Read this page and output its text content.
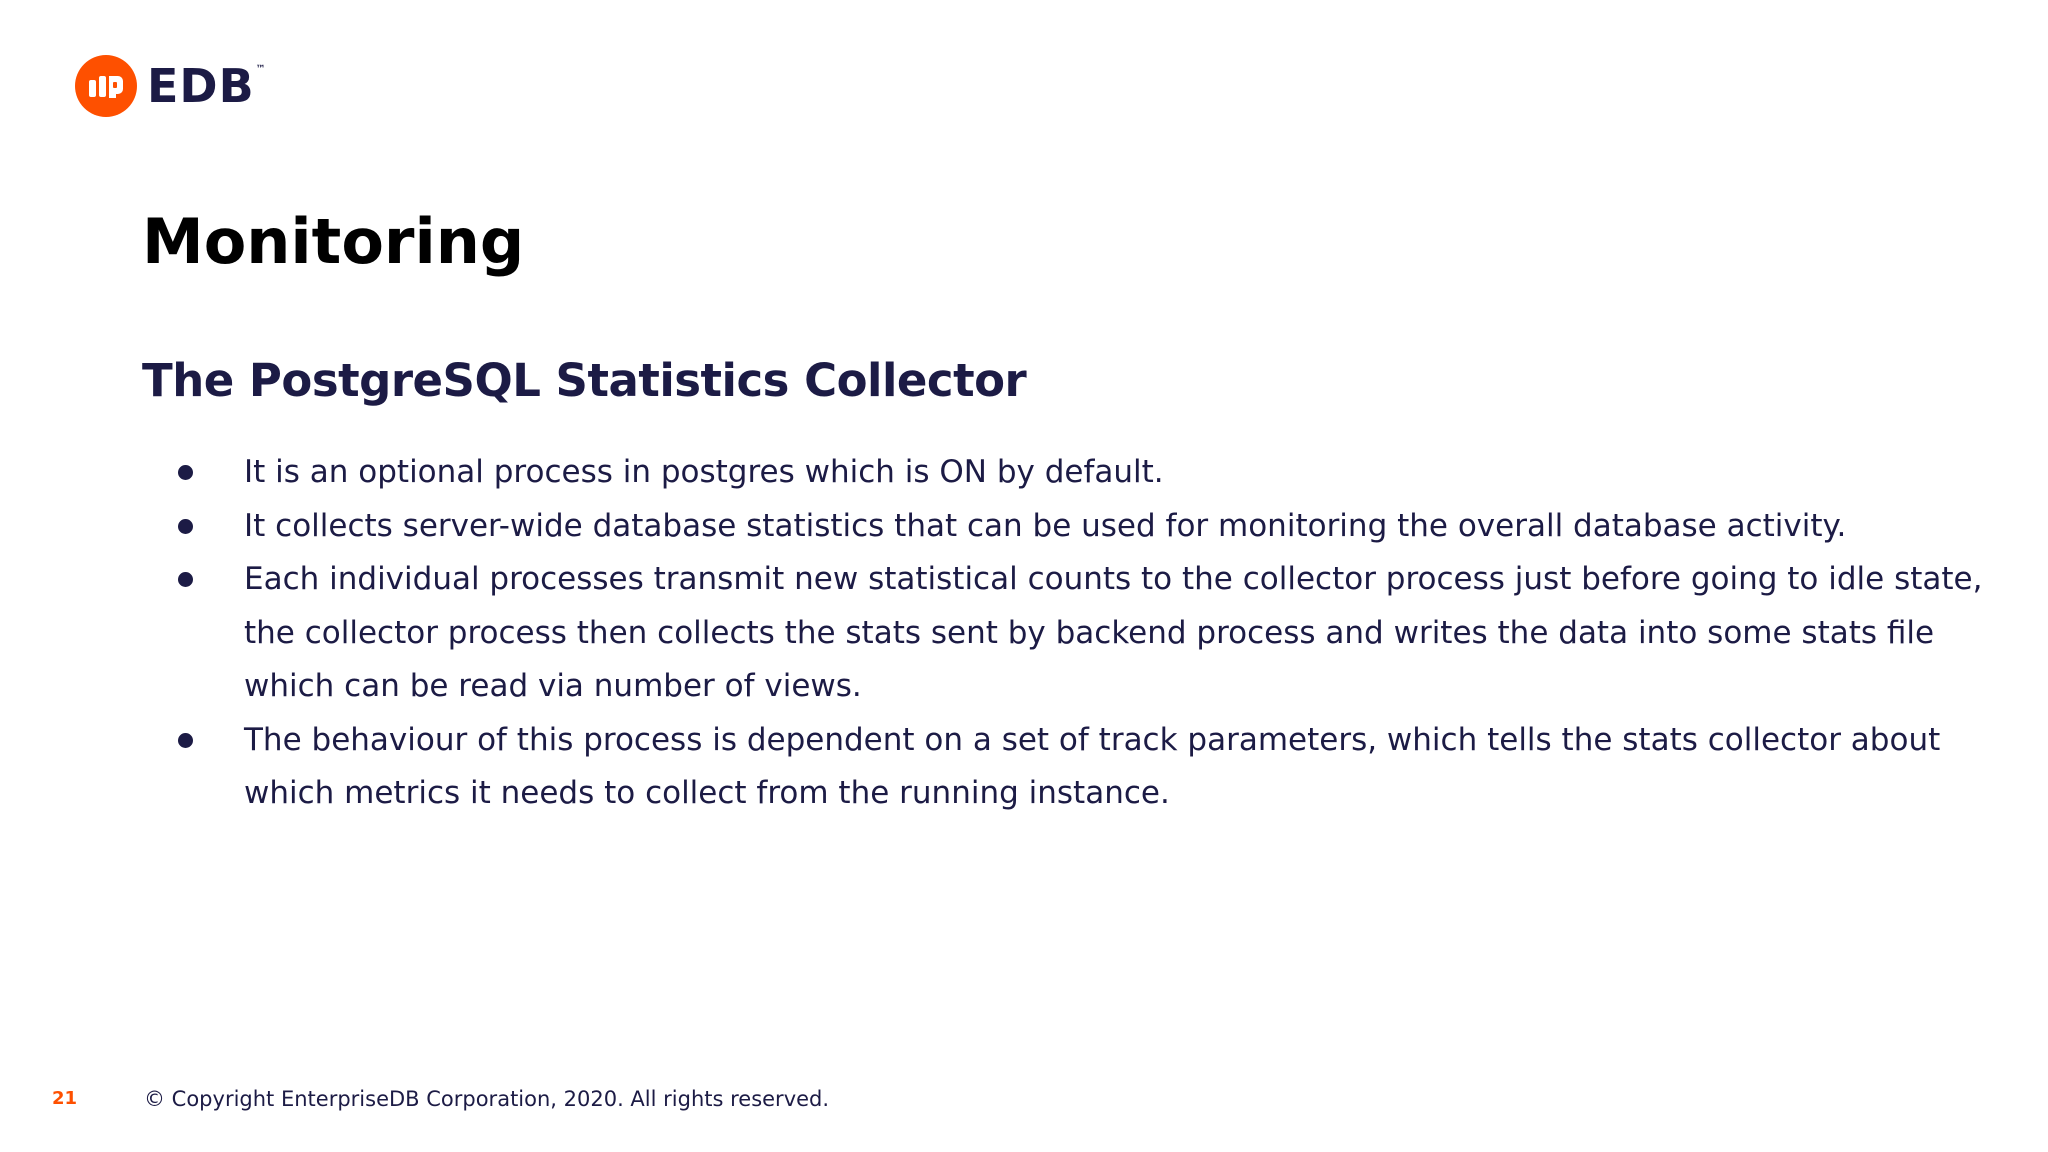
EDB™
Monitoring
The PostgreSQL Statistics Collector
It is an optional process in postgres which is ON by default.
It collects server-wide database statistics that can be used for monitoring the overall database activity.
Each individual processes transmit new statistical counts to the collector process just before going to idle state, the collector process then collects the stats sent by backend process and writes the data into some stats file which can be read via number of views.
The behaviour of this process is dependent on a set of track parameters, which tells the stats collector about which metrics it needs to collect from the running instance.
21	© Copyright EnterpriseDB Corporation, 2020. All rights reserved.
